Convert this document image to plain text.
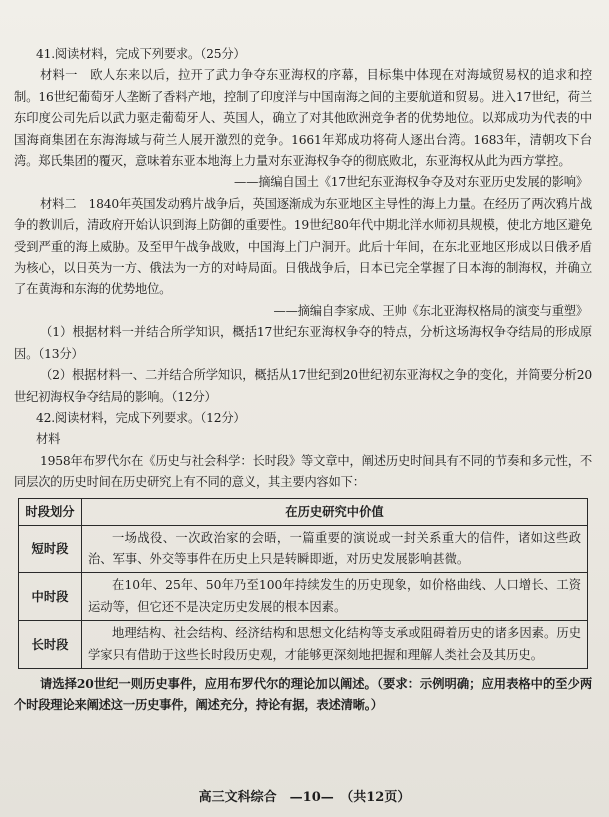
41.阅读材料，完成下列要求。（25分）

材料一　欧人东来以后，拉开了武力争夺东亚海权的序幕，目标集中体现在对海域贸易权的追求和控制。16世纪葡萄牙人垄断了香料产地，控制了印度洋与中国南海之间的主要航道和贸易。进入17世纪，荷兰东印度公司先后以武力驱走葡萄牙人、英国人，确立了对其他欧洲竞争者的优势地位。以郑成功为代表的中国海商集团在东海海域与荷兰人展开激烈的竞争。1661年郑成功将荷人逐出台湾。1683年，清朝攻下台湾。郑氏集团的覆灭，意味着东亚本地海上力量对东亚海权争夺的彻底败北，东亚海权从此为西方掌控。

——摘编自国土《17世纪东亚海权争夺及对东亚历史发展的影响》

材料二　1840年英国发动鸦片战争后，英国逐渐成为东亚地区主导性的海上力量。在经历了两次鸦片战争的教训后，清政府开始认识到海上防御的重要性。19世纪80年代中期北洋水师初具规模，使北方地区避免受到严重的海上威胁。及至甲午战争战败，中国海上门户洞开。此后十年间，在东北亚地区形成以日俄矛盾为核心，以日英为一方、俄法为一方的对峙局面。日俄战争后，日本已完全掌握了日本海的制海权，并确立了在黄海和东海的优势地位。

——摘编自李家成、王帅《东北亚海权格局的演变与重塑》

（1）根据材料一并结合所学知识，概括17世纪东亚海权争夺的特点，分析这场海权争夺结局的形成原因。（13分）

（2）根据材料一、二并结合所学知识，概括从17世纪到20世纪初东亚海权之争的变化，并简要分析20世纪初海权争夺结局的影响。（12分）

42.阅读材料，完成下列要求。（12分）

材料

1958年布罗代尔在《历史与社会科学：长时段》等文章中，阐述历史时间具有不同的节奏和多元性，不同层次的历史时间在历史研究上有不同的意义，其主要内容如下：

时段划分	在历史研究中价值
短时段	一场战役、一次政治家的会晤，一篇重要的演说或一封关系重大的信件，诸如这些政治、军事、外交等事件在历史上只是转瞬即逝，对历史发展影响甚微。
中时段	在10年、25年、50年乃至100年持续发生的历史现象，如价格曲线、人口增长、工资运动等，但它还不是决定历史发展的根本因素。
长时段	地理结构、社会结构、经济结构和思想文化结构等支承或阻碍着历史的诸多因素。历史学家只有借助于这些长时段历史观，才能够更深刻地把握和理解人类社会及其历史。

请选择20世纪一则历史事件，应用布罗代尔的理论加以阐述。（要求：示例明确；应用表格中的至少两个时段理论来阐述这一历史事件，阐述充分，持论有据，表述清晰。）

高三文科综合　—10—　（共12页）
